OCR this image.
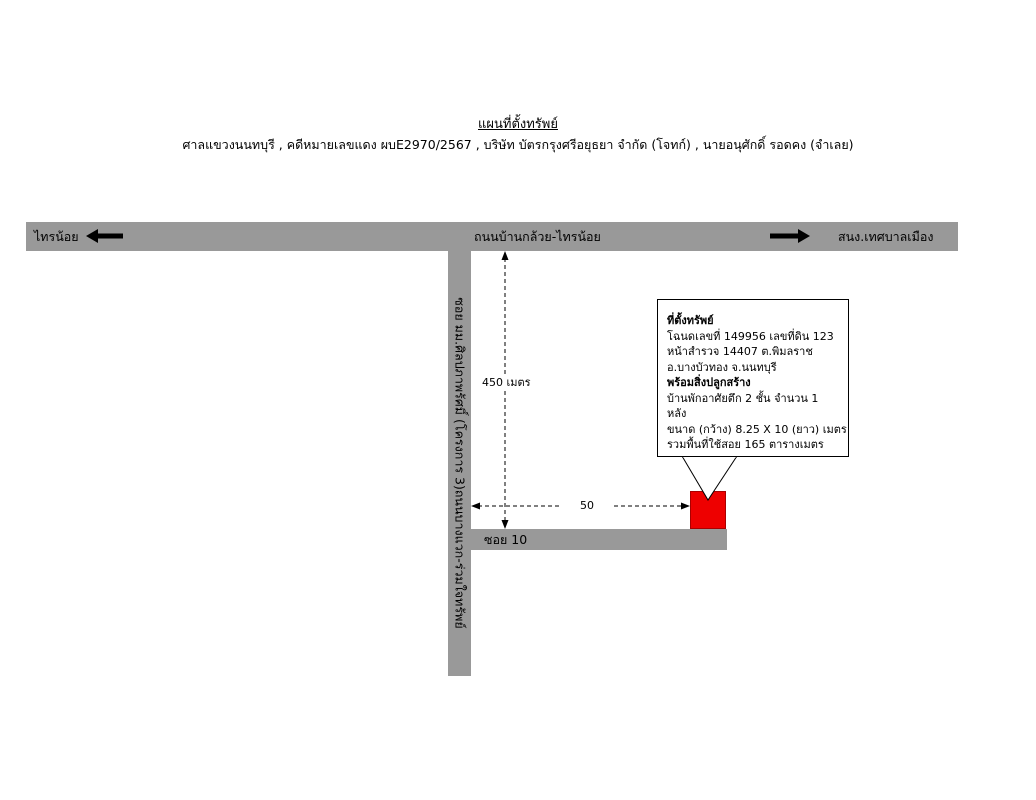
แผนที่ตั้งทรัพย์
ศาลแขวงนนทบุรี , คดีหมายเลขแดง ผบE2970/2567 , บริษัท บัตรกรุงศรีอยุธยา จำกัด (โจทก์) , นายอนุศักดิ์ รอดคง (จำเลย)
ไทรน้อย	ถนนบ้านกล้วย-ไทรน้อย	สนง.เทศบาลเมือง
ซอย มม.ศิลปภาพรัศมิ์ (โครงการ 3)ถนนบางแวก-ร่วมใจทรัพย์ ซอย 10
450 เมตร
50
ที่ตั้งทรัพย์
โฉนดเลขที่ 149956 เลขที่ดิน 123
หน้าสำรวจ 14407 ต.พิมลราช
อ.บางบัวทอง จ.นนทบุรี
พร้อมสิ่งปลูกสร้าง
บ้านพักอาศัยตึก 2 ชั้น จำนวน 1 หลัง
ขนาด (กว้าง) 8.25 X 10 (ยาว) เมตร
รวมพื้นที่ใช้สอย 165 ตารางเมตร
